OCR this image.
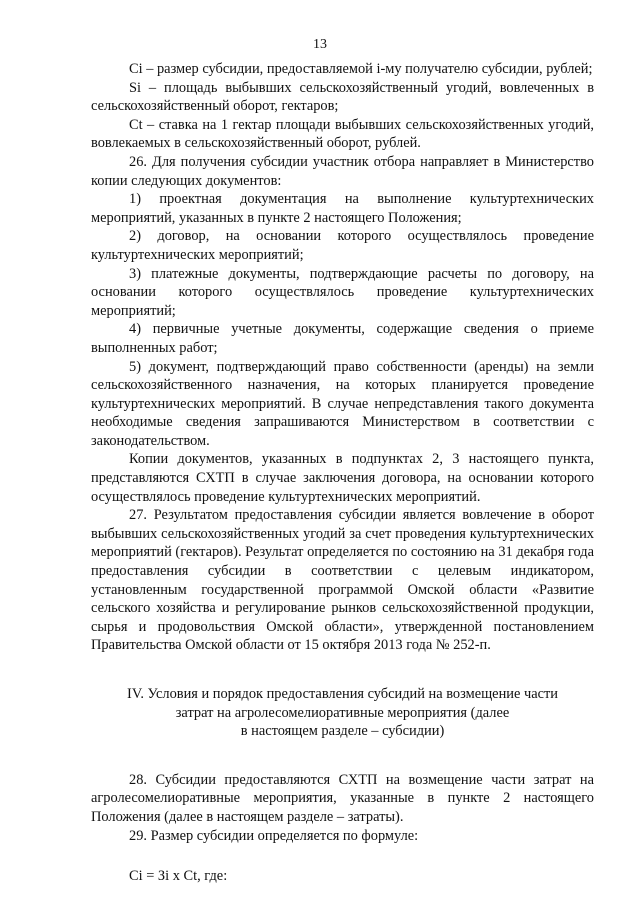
13

Ci – размер субсидии, предоставляемой i-му получателю субсидии, рублей;

Si – площадь выбывших сельскохозяйственный угодий, вовлеченных в сельскохозяйственный оборот, гектаров;

Ct – ставка на 1 гектар площади выбывших сельскохозяйственных угодий, вовлекаемых в сельскохозяйственный оборот, рублей.

26. Для получения субсидии участник отбора направляет в Министерство копии следующих документов:

1) проектная документация на выполнение культуртехнических мероприятий, указанных в пункте 2 настоящего Положения;

2) договор, на основании которого осуществлялось проведение культуртехнических мероприятий;

3) платежные документы, подтверждающие расчеты по договору, на основании которого осуществлялось проведение культуртехнических мероприятий;

4) первичные учетные документы, содержащие сведения о приеме выполненных работ;

5) документ, подтверждающий право собственности (аренды) на земли сельскохозяйственного назначения, на которых планируется проведение культуртехнических мероприятий. В случае непредставления такого документа необходимые сведения запрашиваются Министерством в соответствии с законодательством.

Копии документов, указанных в подпунктах 2, 3 настоящего пункта, представляются СХТП в случае заключения договора, на основании которого осуществлялось проведение культуртехнических мероприятий.

27. Результатом предоставления субсидии является вовлечение в оборот выбывших сельскохозяйственных угодий за счет проведения культуртехнических мероприятий (гектаров). Результат определяется по состоянию на 31 декабря года предоставления субсидии в соответствии с целевым индикатором, установленным государственной программой Омской области «Развитие сельского хозяйства и регулирование рынков сельскохозяйственной продукции, сырья и продовольствия Омской области», утвержденной постановлением Правительства Омской области от 15 октября 2013 года № 252-п.

IV. Условия и порядок предоставления субсидий на возмещение части
затрат на агролесомелиоративные мероприятия (далее
в настоящем разделе – субсидии)

28. Субсидии предоставляются СХТП на возмещение части затрат на агролесомелиоративные мероприятия, указанные в пункте 2 настоящего Положения (далее в настоящем разделе – затраты).

29. Размер субсидии определяется по формуле:

Ci = Зi х Ct, где:
